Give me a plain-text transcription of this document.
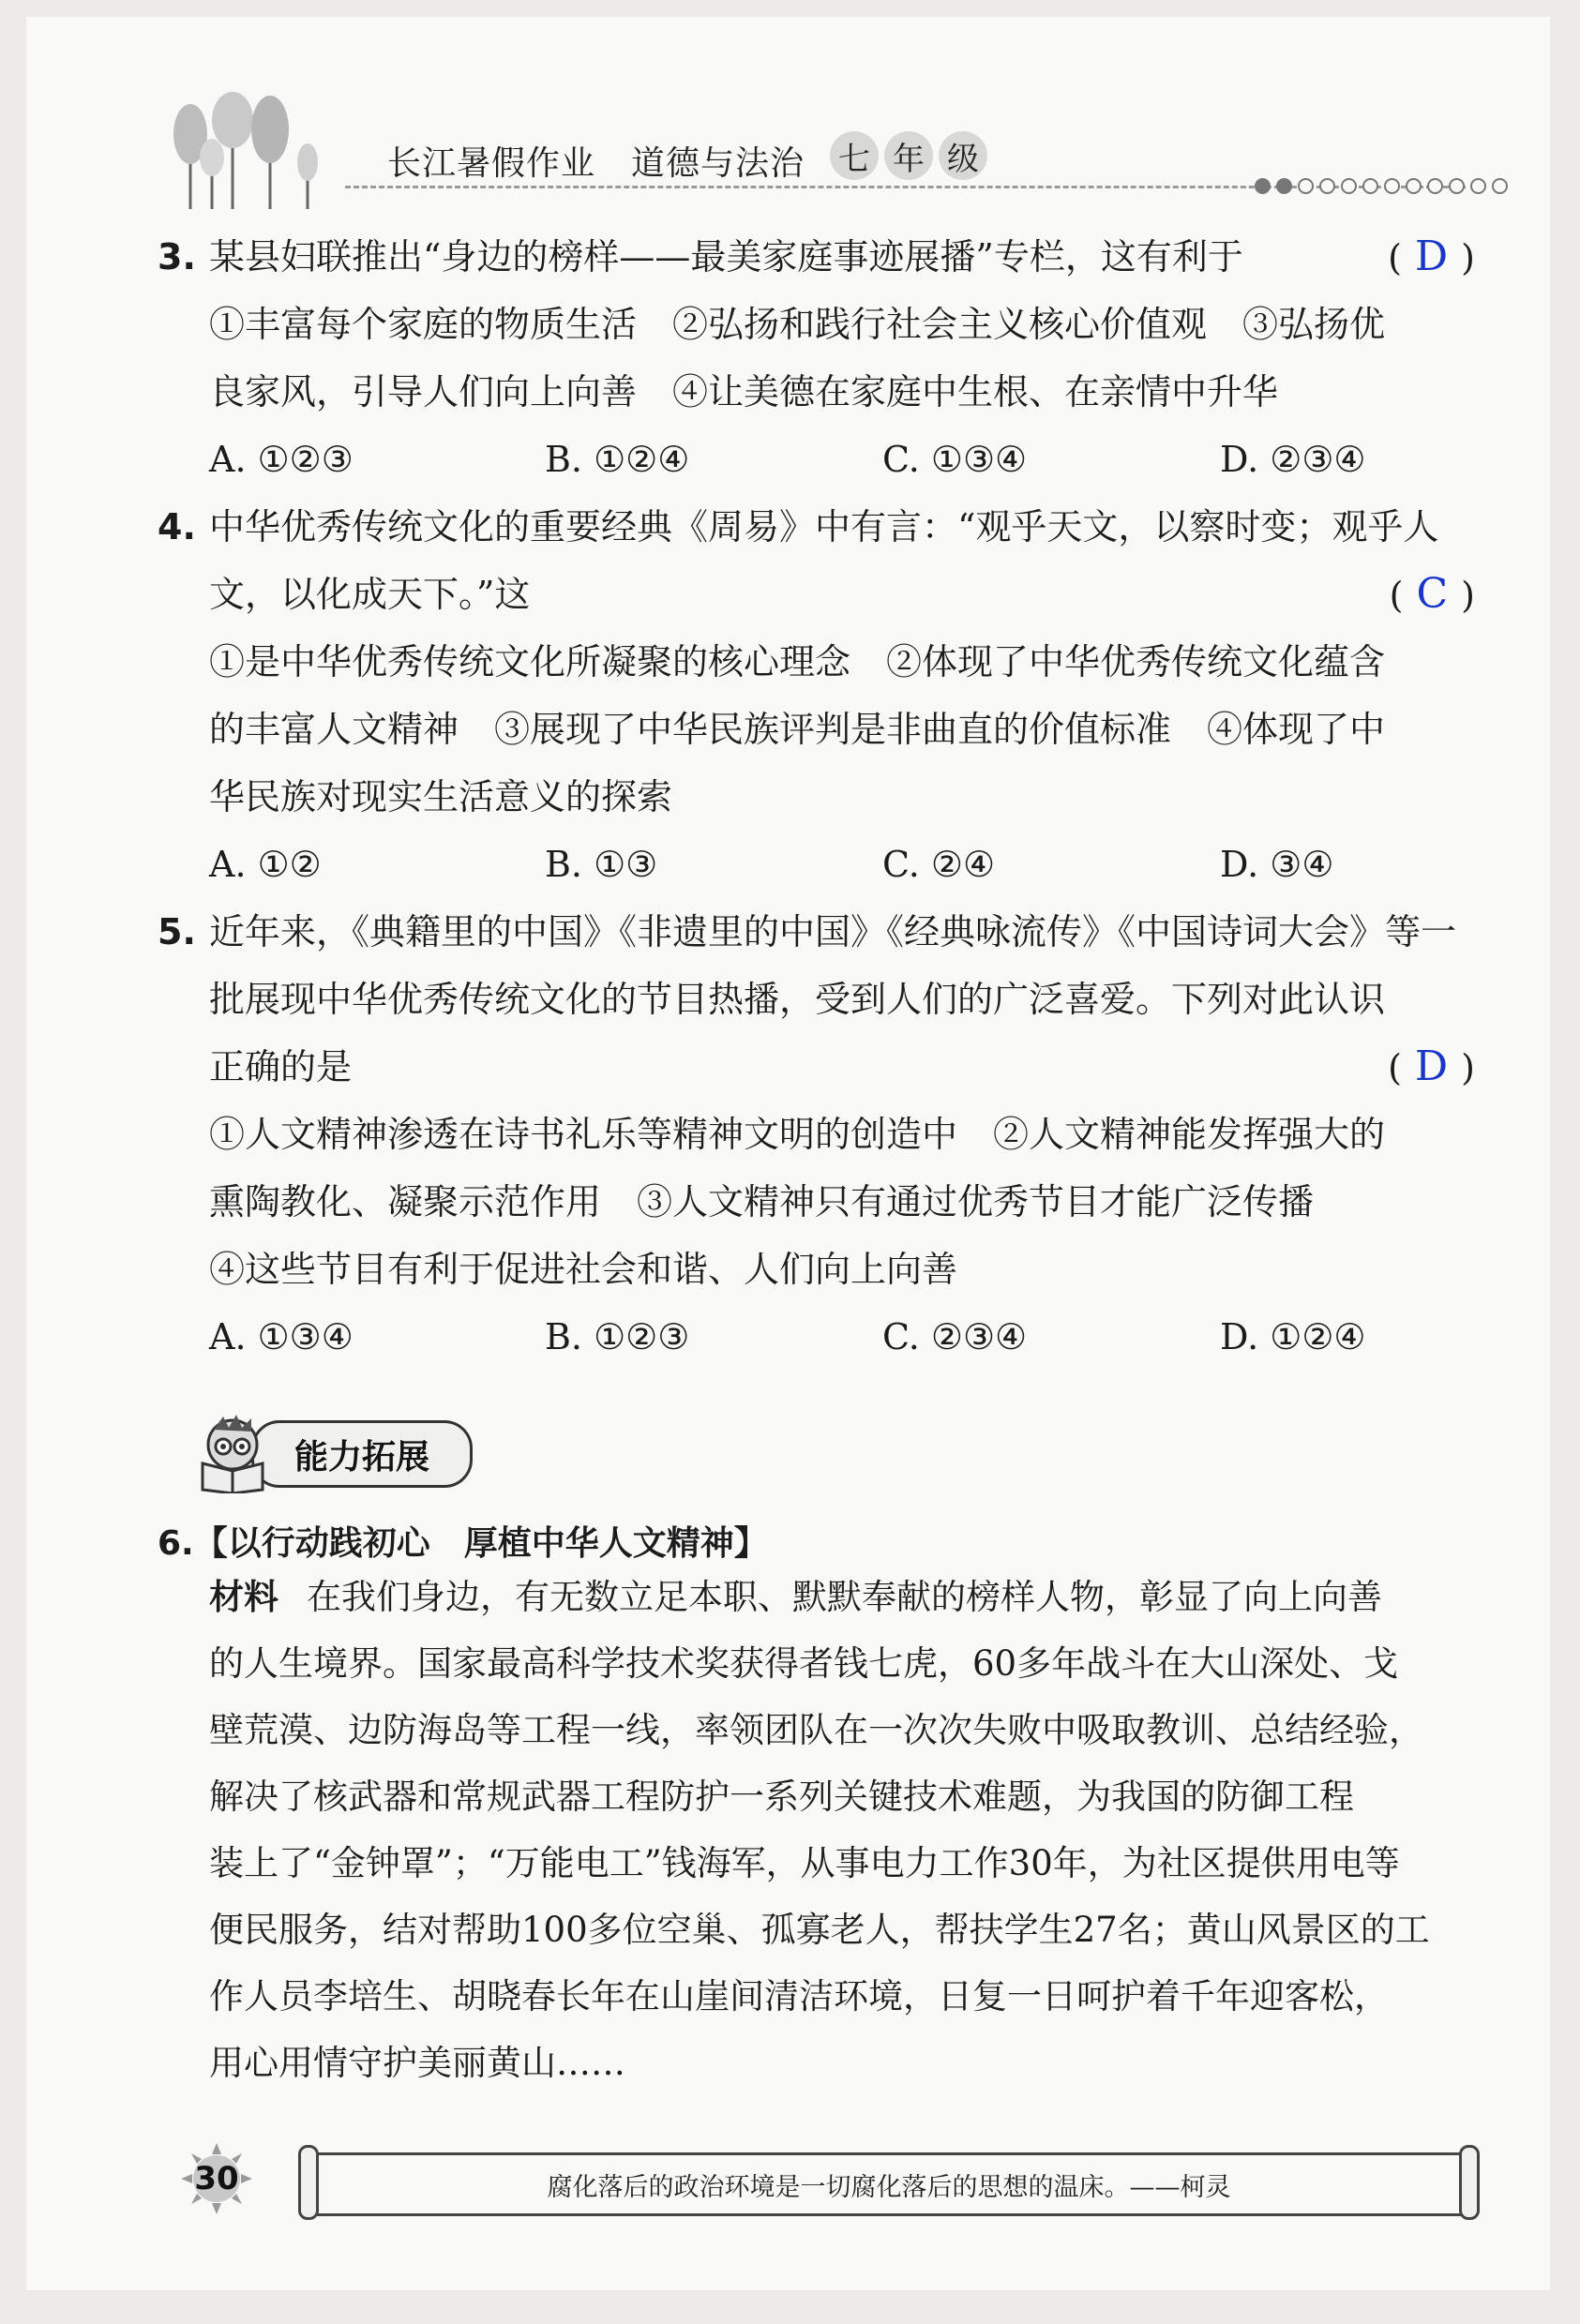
长江暑假作业 道德与法治	七 年 级
3. 某县妇联推出“身边的榜样——最美家庭事迹展播”专栏，这有利于	( D )
①丰富每个家庭的物质生活　②弘扬和践行社会主义核心价值观　③弘扬优
良家风，引导人们向上向善　④让美德在家庭中生根、在亲情中升华
A. ①②③	B. ①②④	C. ①③④	D. ②③④
4. 中华优秀传统文化的重要经典《周易》中有言：“观乎天文，以察时变；观乎人
文，以化成天下。”这	( C )
①是中华优秀传统文化所凝聚的核心理念　②体现了中华优秀传统文化蕴含
的丰富人文精神　③展现了中华民族评判是非曲直的价值标准　④体现了中
华民族对现实生活意义的探索
A. ①②	B. ①③	C. ②④	D. ③④
5. 近年来，《典籍里的中国》《非遗里的中国》《经典咏流传》《中国诗词大会》等一
批展现中华优秀传统文化的节目热播，受到人们的广泛喜爱。下列对此认识
正确的是	( D )
①人文精神渗透在诗书礼乐等精神文明的创造中　②人文精神能发挥强大的
熏陶教化、凝聚示范作用　③人文精神只有通过优秀节目才能广泛传播
④这些节目有利于促进社会和谐、人们向上向善
A. ①③④	B. ①②③	C. ②③④	D. ①②④
能力拓展
6.【以行动践初心　厚植中华人文精神】
材料 在我们身边，有无数立足本职、默默奉献的榜样人物，彰显了向上向善
的人生境界。国家最高科学技术奖获得者钱七虎，60多年战斗在大山深处、戈
壁荒漠、边防海岛等工程一线，率领团队在一次次失败中吸取教训、总结经验，
解决了核武器和常规武器工程防护一系列关键技术难题，为我国的防御工程
装上了“金钟罩”；“万能电工”钱海军，从事电力工作30年，为社区提供用电等
便民服务，结对帮助100多位空巢、孤寡老人，帮扶学生27名；黄山风景区的工
作人员李培生、胡晓春长年在山崖间清洁环境，日复一日呵护着千年迎客松，
用心用情守护美丽黄山……
30	腐化落后的政治环境是一切腐化落后的思想的温床。——柯灵
